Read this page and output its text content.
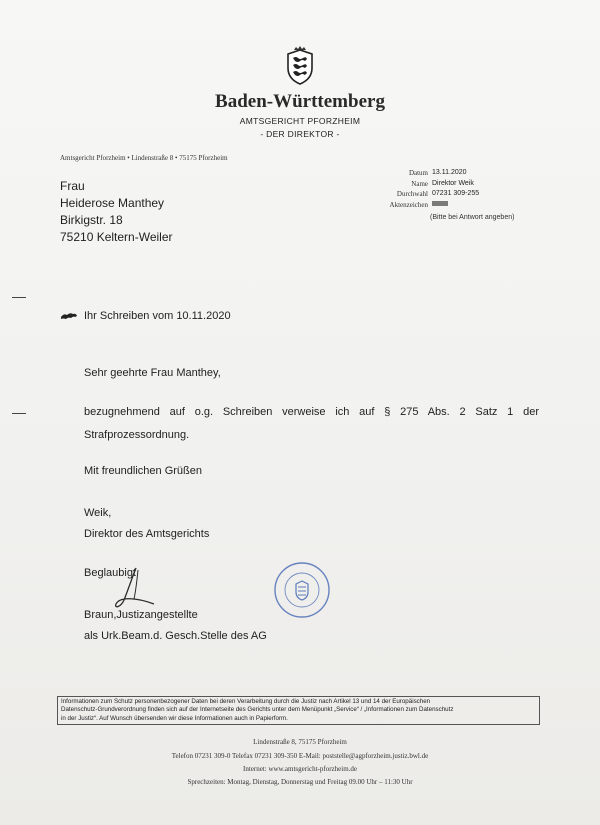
Baden-Württemberg
AMTSGERICHT PFORZHEIM
- DER DIREKTOR -
Amtsgericht Pforzheim • Lindenstraße 8 • 75175 Pforzheim
Frau
Heiderose Manthey
Birkigstr. 18
75210 Keltern-Weiler
Datum 13.11.2020
Name Direktor Weik
Durchwahl 07231 309-255
Aktenzeichen
(Bitte bei Antwort angeben)
Ihr Schreiben vom 10.11.2020
Sehr geehrte Frau Manthey,
bezugnehmend auf o.g. Schreiben verweise ich auf § 275 Abs. 2 Satz 1 der
Strafprozessordnung.
Mit freundlichen Grüßen
Weik,
Direktor des Amtsgerichts
Beglaubigt
Braun,Justizangestellte
als Urk.Beam.d. Gesch.Stelle des AG
Informationen zum Schutz personenbezogener Daten bei deren Verarbeitung durch die Justiz nach Artikel 13 und 14 der Europäischen
Datenschutz-Grundverordnung finden sich auf der Internetseite des Gerichts unter dem Menüpunkt „Service“ / „Informationen zum Datenschutz
in der Justiz“. Auf Wunsch übersenden wir diese Informationen auch in Papierform.
Lindenstraße 8, 75175 Pforzheim
Telefon 07231 309-0 Telefax 07231 309-350 E-Mail: poststelle@agpforzheim.justiz.bwl.de
Internet: www.amtsgericht-pforzheim.de
Sprechzeiten: Montag, Dienstag, Donnerstag und Freitag 09.00 Uhr – 11:30 Uhr
